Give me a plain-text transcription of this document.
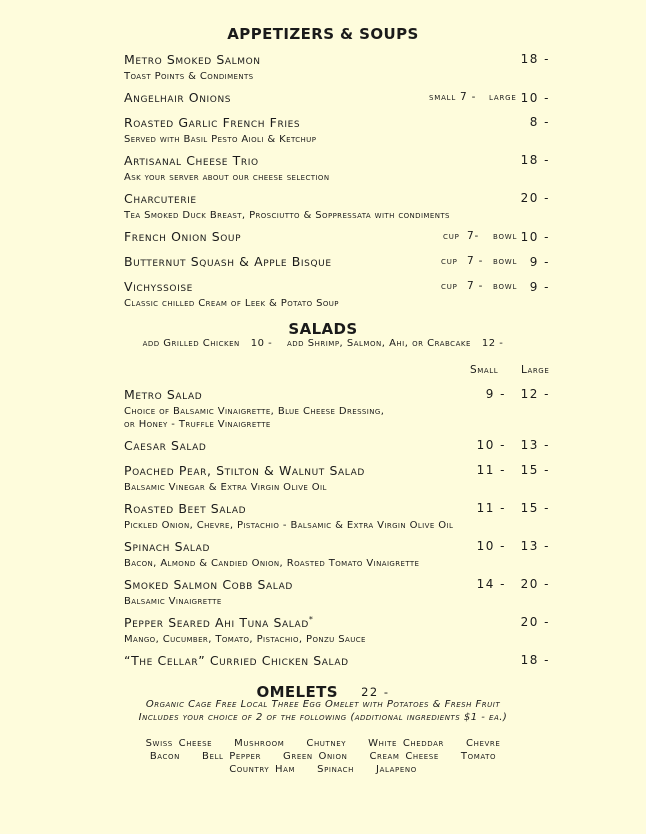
APPETIZERS & SOUPS
Metro Smoked Salmon
Toast Points & Condiments
18 -
Angelhair Onions	small 7 - large 10 -
Roasted Garlic French Fries
Served with Basil Pesto Aioli & Ketchup
8 -
Artisanal Cheese Trio
Ask your server about our cheese selection
18 -
Charcuterie
Tea Smoked Duck Breast, Prosciutto & Soppressata with condiments
20 -
French Onion Soup	cup 7- bowl 10 -
Butternut Squash & Apple Bisque	cup 7 - bowl 9 -
Vichyssoise
Classic chilled Cream of Leek & Potato Soup
cup 7 - bowl 9 -
SALADS
add Grilled Chicken   10 -    add Shrimp, Salmon, Ahi, or Crabcake   12 -
Small Large
Metro Salad
Choice of Balsamic Vinaigrette, Blue Cheese Dressing,
or Honey - Truffle Vinaigrette
9 - 12 -
Caesar Salad	10 - 13 -
Poached Pear, Stilton & Walnut Salad
Balsamic Vinegar & Extra Virgin Olive Oil
11 - 15 -
Roasted Beet Salad
Pickled Onion, Chevre, Pistachio - Balsamic & Extra Virgin Olive Oil
11 - 15 -
Spinach Salad
Bacon, Almond & Candied Onion, Roasted Tomato Vinaigrette
10 - 13 -
Smoked Salmon Cobb Salad
Balsamic Vinaigrette
14 - 20 -
Pepper Seared Ahi Tuna Salad*
Mango, Cucumber, Tomato, Pistachio, Ponzu Sauce
20 -
“The Cellar” Curried Chicken Salad	18 -
OMELETS 22 -
Organic Cage Free Local Three Egg Omelet with Potatoes & Fresh Fruit
Includes your choice of 2 of the following (additional ingredients $1 - ea.)
Swiss Cheese Mushroom Chutney White Cheddar Chevre
Bacon Bell Pepper Green Onion Cream Cheese Tomato
Country Ham Spinach Jalapeno
